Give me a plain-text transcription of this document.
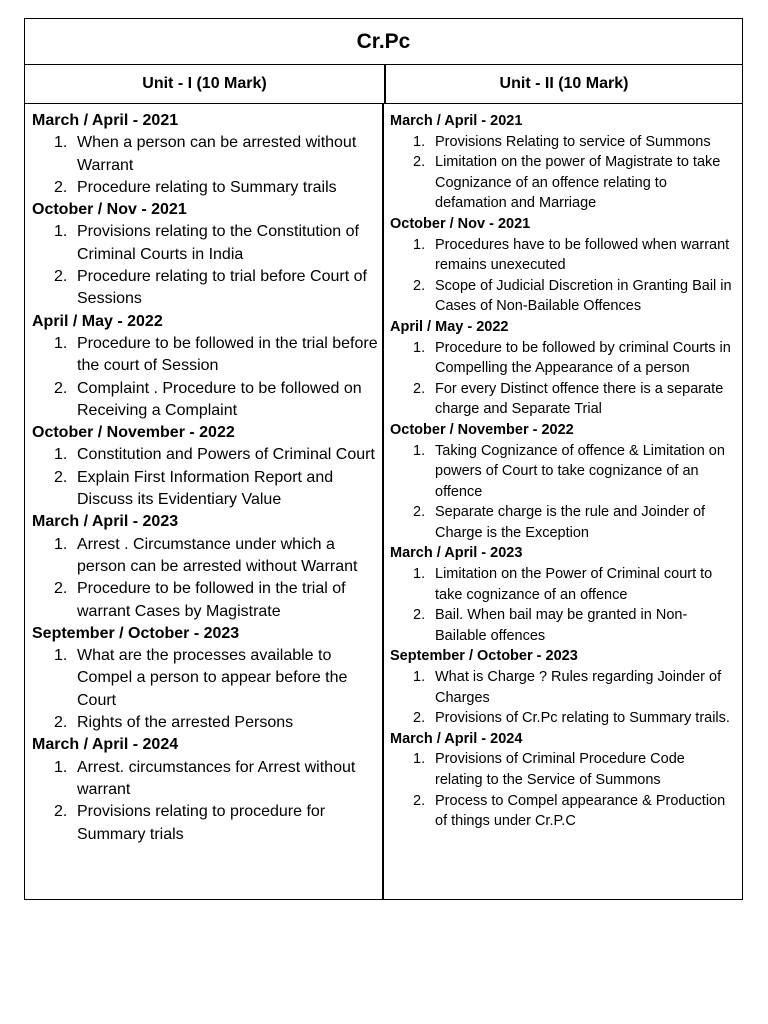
Cr.Pc
Unit - I (10 Mark)	Unit - II (10 Mark)
March / April - 2021
1. When a person can be arrested without Warrant
2. Procedure relating to Summary trails
October / Nov - 2021
1. Provisions relating to the Constitution of Criminal Courts in India
2. Procedure relating to trial before Court of Sessions
April / May - 2022
1. Procedure to be followed in the trial before the court of Session
2. Complaint . Procedure to be followed on Receiving a Complaint
October / November - 2022
1. Constitution and Powers of Criminal Court
2. Explain First Information Report and Discuss its Evidentiary Value
March / April - 2023
1. Arrest . Circumstance under which a person can be arrested without Warrant
2. Procedure to be followed in the trial of warrant Cases by Magistrate
September / October - 2023
1. What are the processes available to Compel a person to appear before the Court
2. Rights of the arrested Persons
March / April - 2024
1. Arrest. circumstances for Arrest without warrant
2. Provisions relating to procedure for Summary trials
March / April - 2021
1. Provisions Relating to service of Summons
2. Limitation on the power of Magistrate to take Cognizance of an offence relating to defamation and Marriage
October / Nov - 2021
1. Procedures have to be followed when warrant remains unexecuted
2. Scope of Judicial Discretion in Granting Bail in Cases of Non-Bailable Offences
April / May - 2022
1. Procedure to be followed by criminal Courts in Compelling the Appearance of a person
2. For every Distinct offence there is a separate charge and Separate Trial
October / November - 2022
1. Taking Cognizance of offence & Limitation on powers of Court to take cognizance of an offence
2. Separate charge is the rule and Joinder of Charge is the Exception
March / April - 2023
1. Limitation on the Power of Criminal court to take cognizance of an offence
2. Bail. When bail may be granted in Non-Bailable offences
September / October - 2023
1. What is Charge ? Rules regarding Joinder of Charges
2. Provisions of Cr.Pc relating to Summary trails.
March / April - 2024
1. Provisions of Criminal Procedure Code relating to the Service of Summons
2. Process to Compel appearance & Production of things under Cr.P.C
